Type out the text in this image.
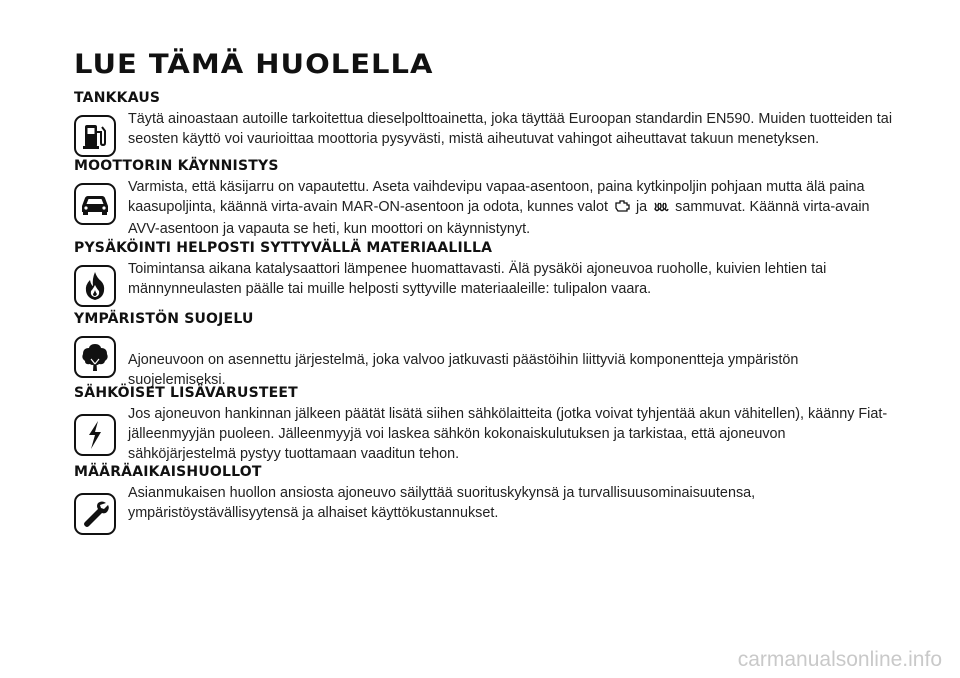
LUE TÄMÄ HUOLELLA
TANKKAUS

Täytä ainoastaan autoille tarkoitettua dieselpolttoainetta, joka täyttää Euroopan standardin EN590. Muiden tuotteiden tai seosten käyttö voi vaurioittaa moottoria pysyvästi, mistä aiheutuvat vahingot aiheuttavat takuun menetyksen.

MOOTTORIN KÄYNNISTYS

Varmista, että käsijarru on vapautettu. Aseta vaihdevipu vapaa-asentoon, paina kytkinpoljin pohjaan mutta älä paina kaasupoljinta, käännä virta-avain MAR-ON-asentoon ja odota, kunnes valot ja sammuvat. Käännä virta-avain AVV-asentoon ja vapauta se heti, kun moottori on käynnistynyt.

PYSÄKÖINTI HELPOSTI SYTTYVÄLLÄ MATERIAALILLA

Toimintansa aikana katalysaattori lämpenee huomattavasti. Älä pysäköi ajoneuvoa ruoholle, kuivien lehtien tai männynneulasten päälle tai muille helposti syttyville materiaaleille: tulipalon vaara.

YMPÄRISTÖN SUOJELU

Ajoneuvoon on asennettu järjestelmä, joka valvoo jatkuvasti päästöihin liittyviä komponentteja ympäristön suojelemiseksi.

SÄHKÖISET LISÄVARUSTEET

Jos ajoneuvon hankinnan jälkeen päätät lisätä siihen sähkölaitteita (jotka voivat tyhjentää akun vähitellen), käänny Fiat-jälleenmyyjän puoleen. Jälleenmyyjä voi laskea sähkön kokonaiskulutuksen ja tarkistaa, että ajoneuvon sähköjärjestelmä pystyy tuottamaan vaaditun tehon.

MÄÄRÄAIKAISHUOLLOT

Asianmukaisen huollon ansiosta ajoneuvo säilyttää suorituskykynsä ja turvallisuusominaisuutensa, ympäristöystävällisyytensä ja alhaiset käyttökustannukset.

carmanualsonline.info
